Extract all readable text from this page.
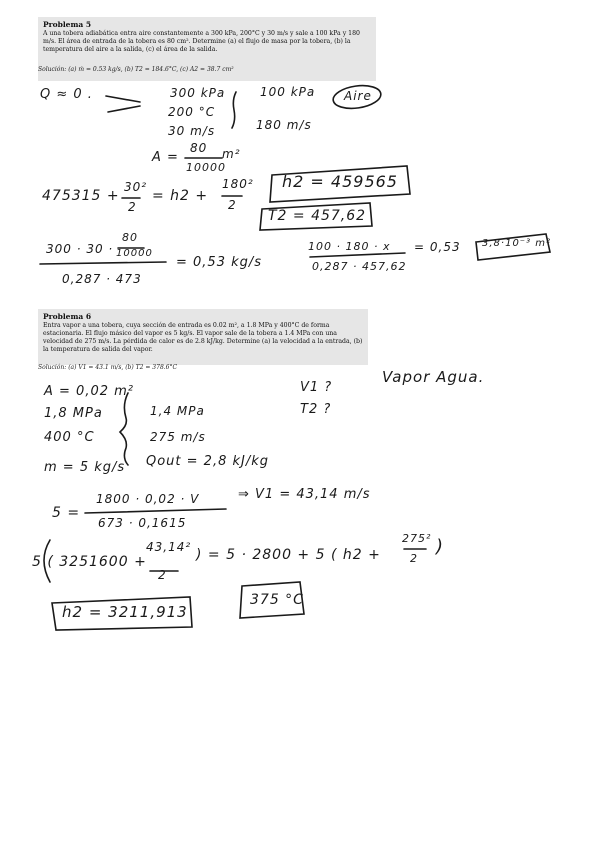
Problema 5
A una tobera adiabática entra aire constantemente a 300 kPa, 200°C y 30 m/s y sale a 100 kPa y 180 m/s. El área de entrada de la tobera es 80 cm². Determine (a) el flujo de masa por la tobera, (b) la temperatura del aire a la salida, (c) el área de la salida.
Solución: (a) ṁ = 0.53 kg/s, (b) T2 = 184.6°C, (c) A2 = 38.7 cm²
Problema 6
Entra vapor a una tobera, cuya sección de entrada es 0.02 m², a 1.8 MPa y 400°C de forma estacionaria. El flujo másico del vapor es 5 kg/s. El vapor sale de la tobera a 1.4 MPa con una velocidad de 275 m/s. La pérdida de calor es de 2.8 kJ/kg. Determine (a) la velocidad a la entrada, (b) la temperatura de salida del vapor.
Solución: (a) V1 = 43.1 m/s, (b) T2 = 378.6°C
Q ≈ 0 .	300 kPa
200 °C
30 m/s
100 kPa
180 m/s
Aire
A =
80 m²
10000
475315 +
30²
2
= h2 +
180²
2
h2 = 459565
T2 = 457,62
300 · 30 ·
80
10000
0,287 · 473
= 0,53 kg/s
100 · 180 · x
0,287 · 457,62
= 0,53 3,8·10⁻³ m²
Vapor Agua.
A = 0,02 m²
1,8 MPa
400 °C
1,4 MPa
275 m/s
V1 ?
T2 ?
m = 5 kg/s Qout = 2,8 kJ/kg
5 =
1800 · 0,02 · V
673 · 0,1615
⇒ V1 = 43,14 m/s
5 ( 3251600 +
43,14²
2
) = 5 · 2800 + 5 ( h2 +
275²
2
)
h2 = 3211,913
375 °C
